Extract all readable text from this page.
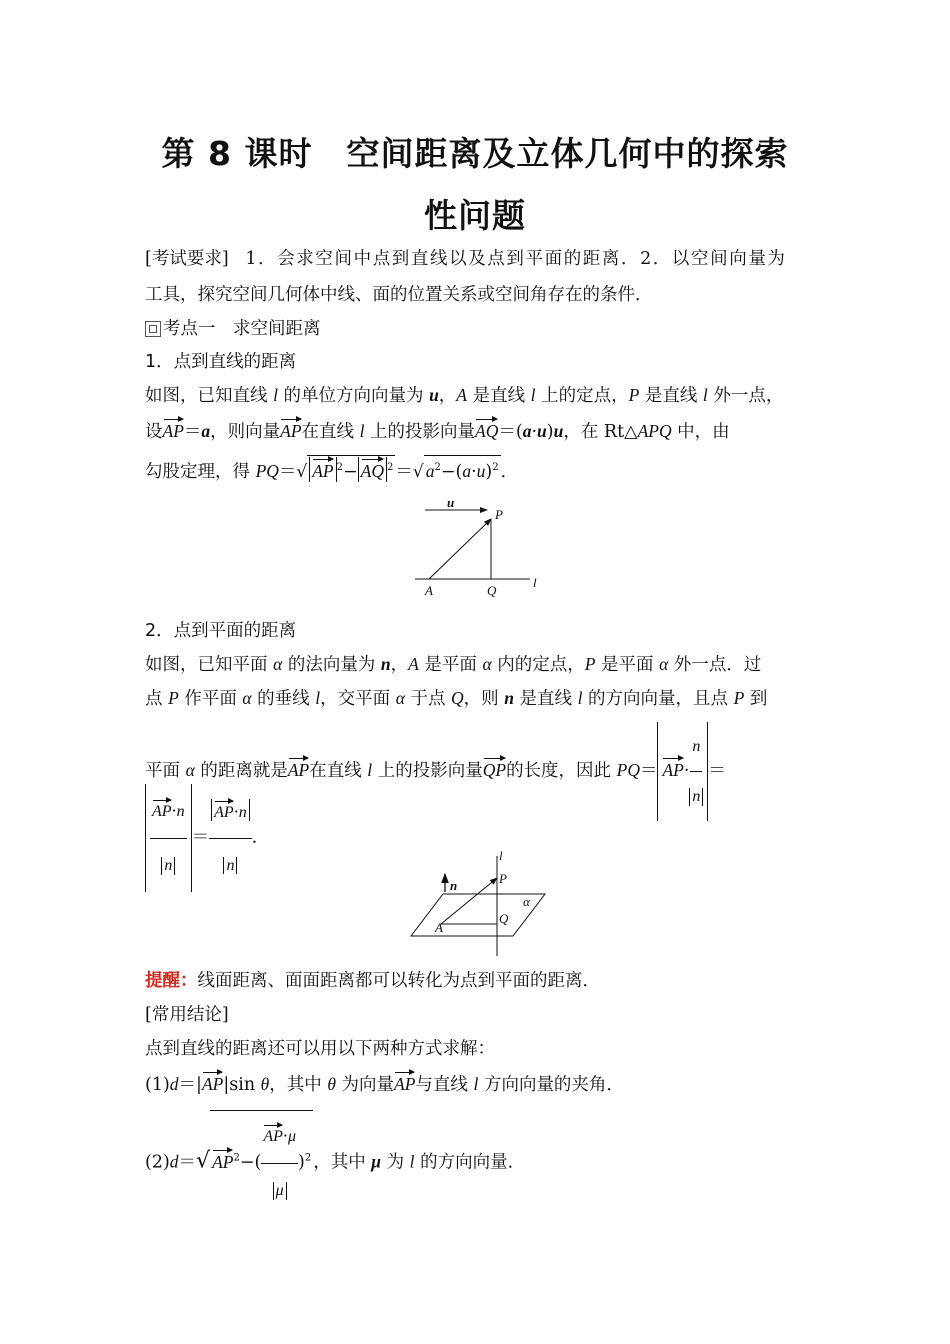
第 8 课时　空间距离及立体几何中的探索
性问题
[考试要求] 1．会求空间中点到直线以及点到平面的距离．2．以空间向量为
工具，探究空间几何体中线、面的位置关系或空间角存在的条件．
考点一　求空间距离
1．点到直线的距离
如图，已知直线 l 的单位方向向量为 u，A 是直线 l 上的定点，P 是直线 l 外一点，
设AP＝a，则向量AP在直线 l 上的投影向量AQ＝(a·u)u，在 Rt△APQ 中，由
勾股定理，得 PQ＝√ AP $^2$− AQ $^2$ ＝√ $a^2-(a\cdot u)^2$ ．
u
P
A	Q
l
2．点到平面的距离
如图，已知平面 α 的法向量为 n，A 是平面 α 内的定点，P 是平面 α 外一点．过
点 P 作平面 α 的垂线 l，交平面 α 于点 Q，则 n 是直线 l 的方向向量，且点 P 到
平面 α 的距离就是AP在直线 l 上的投影向量QP的长度，因此 $PQ= AP\cdot \frac{n}{n}$ ＝
$\frac{AP\cdot n}{n} = \frac{AP\cdot n}{n}$ ．
l
n	P
α
Q
A
提醒：线面距离、面面距离都可以转化为点到平面的距离．
[常用结论]
点到直线的距离还可以用以下两种方式求解：
(1)d＝|AP|sin θ，其中 θ 为向量AP与直线 l 方向向量的夹角．
(2)d＝√ $AP^2-( \frac{AP\cdot\mu}{\mu} )^2$ ，其中 μ 为 l 的方向向量．
